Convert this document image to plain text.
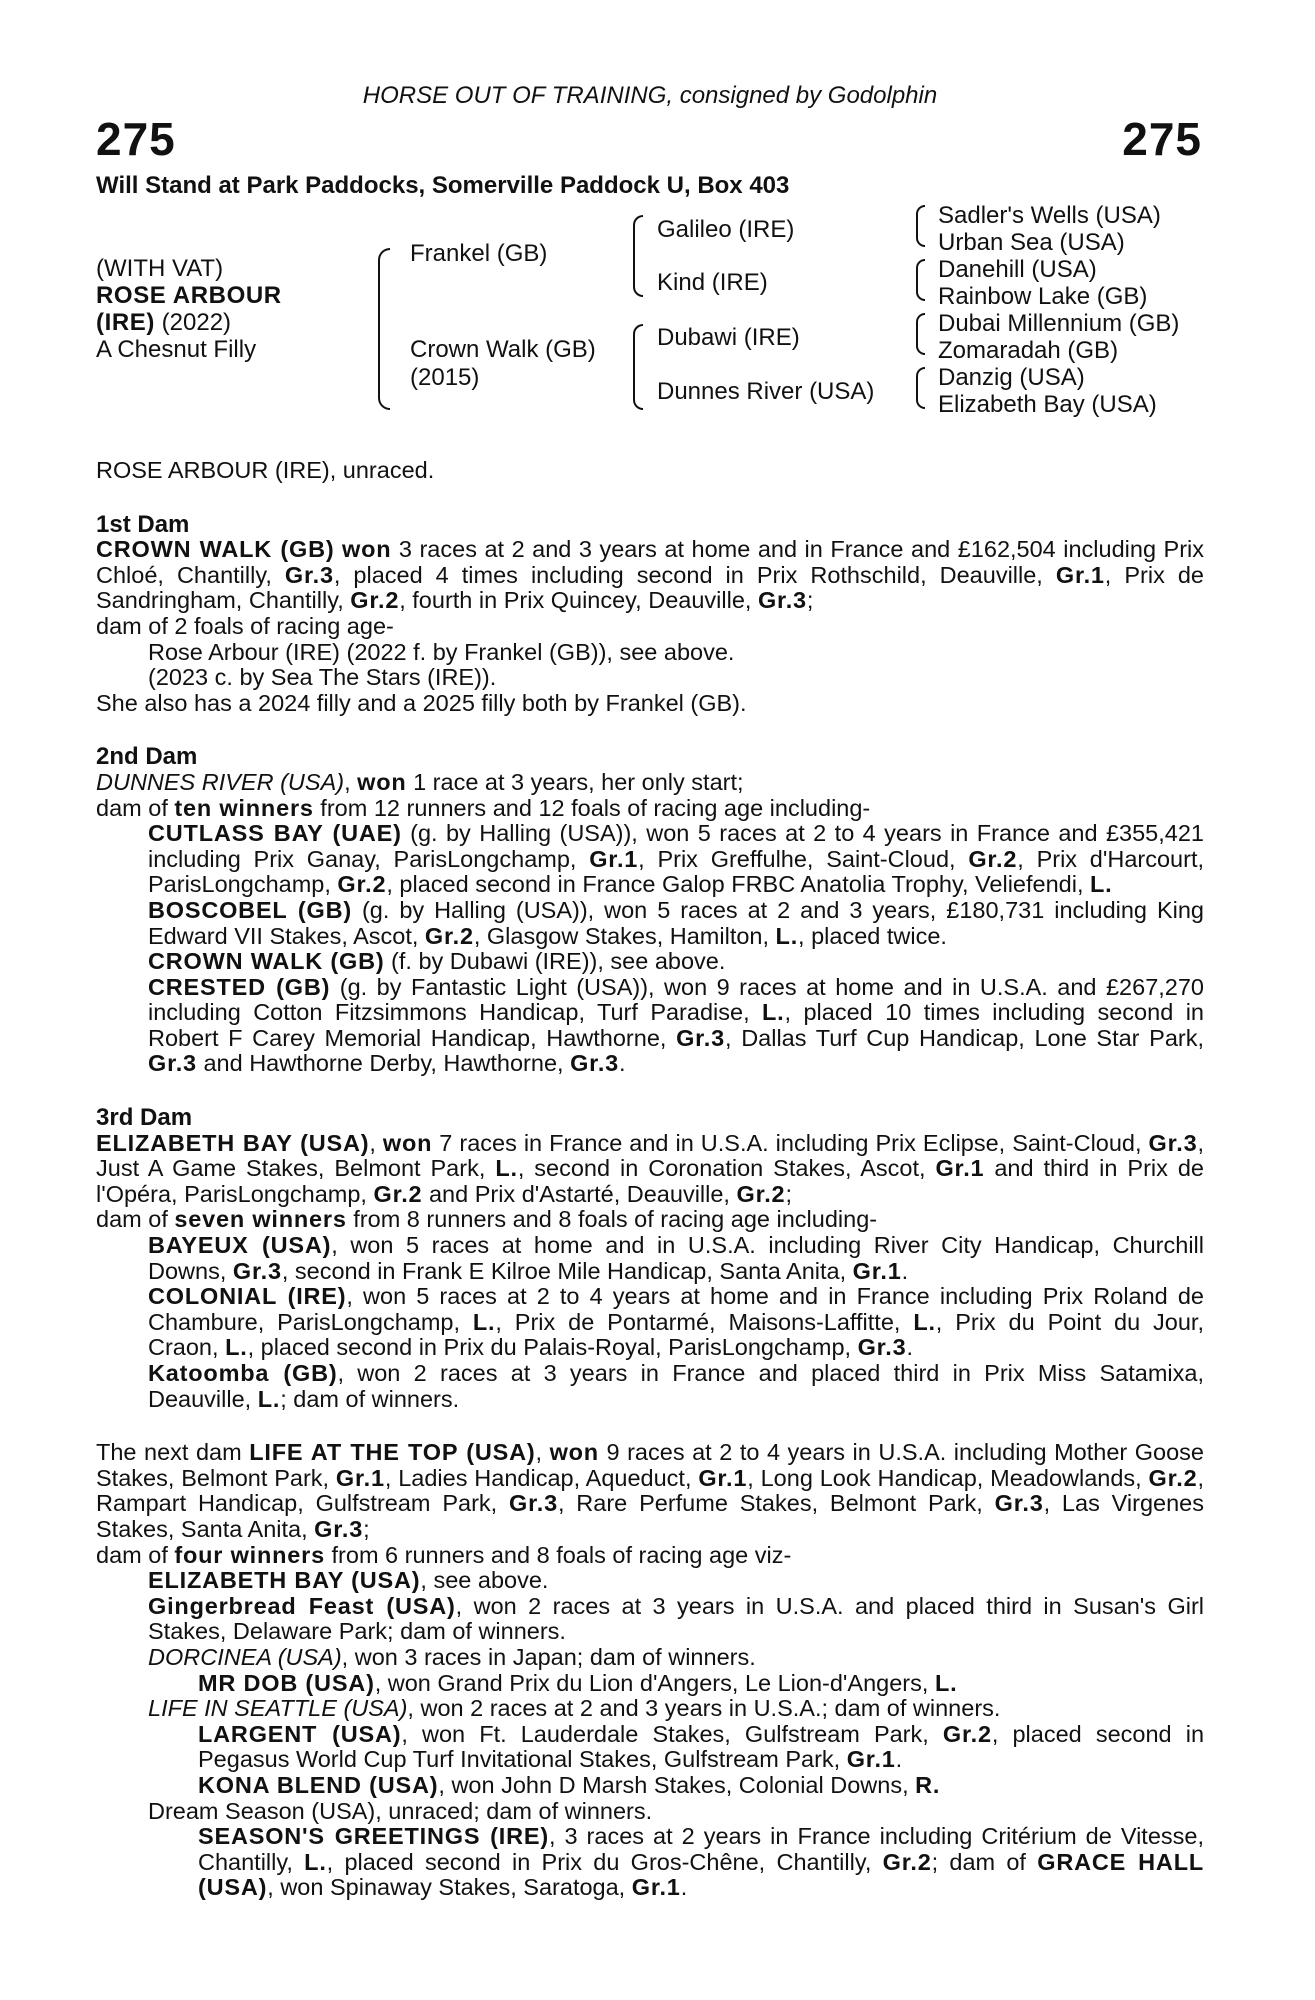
HORSE OUT OF TRAINING, consigned by Godolphin
275	275
Will Stand at Park Paddocks, Somerville Paddock U, Box 403
(WITH VAT)
ROSE ARBOUR
(IRE) (2022)
A Chesnut Filly
Frankel (GB)
Crown Walk (GB)
(2015)
Galileo (IRE)
Kind (IRE)
Dubawi (IRE)
Dunnes River (USA)
Sadler's Wells (USA)
Urban Sea (USA)
Danehill (USA)
Rainbow Lake (GB)
Dubai Millennium (GB)
Zomaradah (GB)
Danzig (USA)
Elizabeth Bay (USA)

ROSE ARBOUR (IRE), unraced.

1st Dam

CROWN WALK (GB) won 3 races at 2 and 3 years at home and in France and £162,504 including Prix Chloé, Chantilly, Gr.3, placed 4 times including second in Prix Rothschild, Deauville, Gr.1, Prix de Sandringham, Chantilly, Gr.2, fourth in Prix Quincey, Deauville, Gr.3;

dam of 2 foals of racing age-

Rose Arbour (IRE) (2022 f. by Frankel (GB)), see above.

(2023 c. by Sea The Stars (IRE)).

She also has a 2024 filly and a 2025 filly both by Frankel (GB).

2nd Dam

DUNNES RIVER (USA), won 1 race at 3 years, her only start;

dam of ten winners from 12 runners and 12 foals of racing age including-

CUTLASS BAY (UAE) (g. by Halling (USA)), won 5 races at 2 to 4 years in France and £355,421 including Prix Ganay, ParisLongchamp, Gr.1, Prix Greffulhe, Saint-Cloud, Gr.2, Prix d'Harcourt, ParisLongchamp, Gr.2, placed second in France Galop FRBC Anatolia Trophy, Veliefendi, L.

BOSCOBEL (GB) (g. by Halling (USA)), won 5 races at 2 and 3 years, £180,731 including King Edward VII Stakes, Ascot, Gr.2, Glasgow Stakes, Hamilton, L., placed twice.

CROWN WALK (GB) (f. by Dubawi (IRE)), see above.

CRESTED (GB) (g. by Fantastic Light (USA)), won 9 races at home and in U.S.A. and £267,270 including Cotton Fitzsimmons Handicap, Turf Paradise, L., placed 10 times including second in Robert F Carey Memorial Handicap, Hawthorne, Gr.3, Dallas Turf Cup Handicap, Lone Star Park, Gr.3 and Hawthorne Derby, Hawthorne, Gr.3.

3rd Dam

ELIZABETH BAY (USA), won 7 races in France and in U.S.A. including Prix Eclipse, Saint-Cloud, Gr.3, Just A Game Stakes, Belmont Park, L., second in Coronation Stakes, Ascot, Gr.1 and third in Prix de l'Opéra, ParisLongchamp, Gr.2 and Prix d'Astarté, Deauville, Gr.2;

dam of seven winners from 8 runners and 8 foals of racing age including-

BAYEUX (USA), won 5 races at home and in U.S.A. including River City Handicap, Churchill Downs, Gr.3, second in Frank E Kilroe Mile Handicap, Santa Anita, Gr.1.

COLONIAL (IRE), won 5 races at 2 to 4 years at home and in France including Prix Roland de Chambure, ParisLongchamp, L., Prix de Pontarmé, Maisons-Laffitte, L., Prix du Point du Jour, Craon, L., placed second in Prix du Palais-Royal, ParisLongchamp, Gr.3.

Katoomba (GB), won 2 races at 3 years in France and placed third in Prix Miss Satamixa, Deauville, L.; dam of winners.

The next dam LIFE AT THE TOP (USA), won 9 races at 2 to 4 years in U.S.A. including Mother Goose Stakes, Belmont Park, Gr.1, Ladies Handicap, Aqueduct, Gr.1, Long Look Handicap, Meadowlands, Gr.2, Rampart Handicap, Gulfstream Park, Gr.3, Rare Perfume Stakes, Belmont Park, Gr.3, Las Virgenes Stakes, Santa Anita, Gr.3;

dam of four winners from 6 runners and 8 foals of racing age viz-

ELIZABETH BAY (USA), see above.

Gingerbread Feast (USA), won 2 races at 3 years in U.S.A. and placed third in Susan's Girl Stakes, Delaware Park; dam of winners.

DORCINEA (USA), won 3 races in Japan; dam of winners.

MR DOB (USA), won Grand Prix du Lion d'Angers, Le Lion-d'Angers, L.

LIFE IN SEATTLE (USA), won 2 races at 2 and 3 years in U.S.A.; dam of winners.

LARGENT (USA), won Ft. Lauderdale Stakes, Gulfstream Park, Gr.2, placed second in Pegasus World Cup Turf Invitational Stakes, Gulfstream Park, Gr.1.

KONA BLEND (USA), won John D Marsh Stakes, Colonial Downs, R.

Dream Season (USA), unraced; dam of winners.

SEASON'S GREETINGS (IRE), 3 races at 2 years in France including Critérium de Vitesse, Chantilly, L., placed second in Prix du Gros-Chêne, Chantilly, Gr.2; dam of GRACE HALL (USA), won Spinaway Stakes, Saratoga, Gr.1.
